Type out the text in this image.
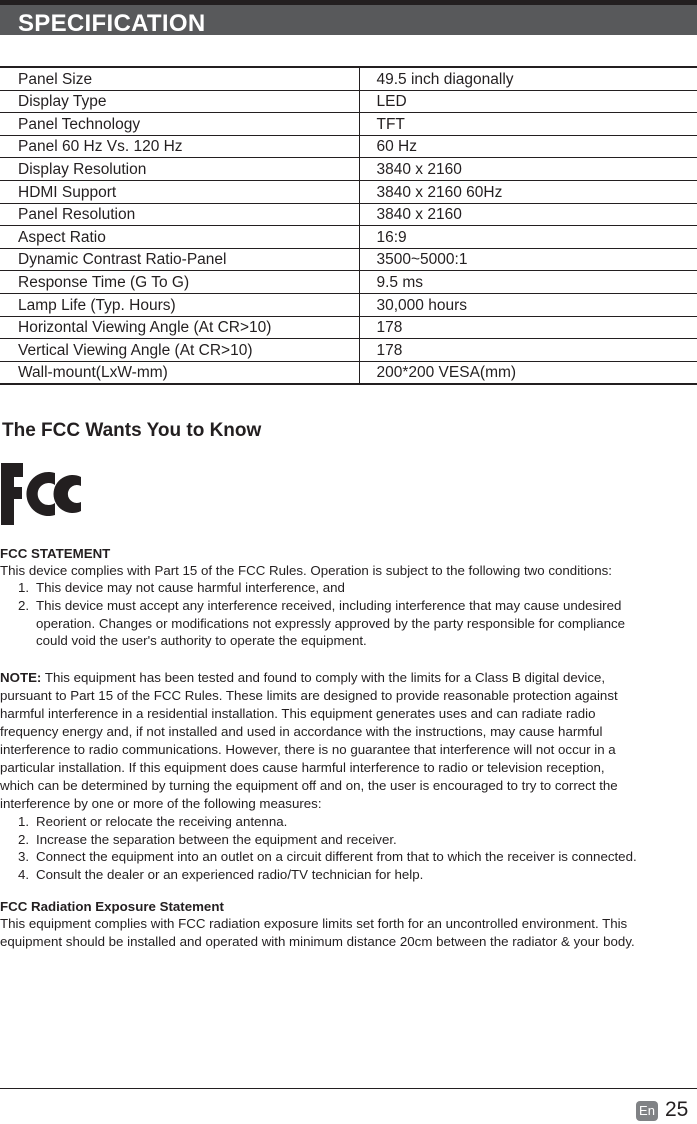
SPECIFICATION
Panel Size	49.5 inch diagonally
Display Type	LED
Panel Technology	TFT
Panel 60 Hz Vs. 120 Hz	60 Hz
Display Resolution	3840 x 2160
HDMI Support	3840 x 2160 60Hz
Panel Resolution	3840 x 2160
Aspect Ratio	16:9
Dynamic Contrast Ratio-Panel	3500~5000:1
Response Time (G To G)	9.5 ms
Lamp Life (Typ. Hours)	30,000 hours
Horizontal Viewing Angle (At CR>10)	178
Vertical Viewing Angle (At CR>10)	178
Wall-mount(LxW-mm)	200*200 VESA(mm)
The FCC Wants You to Know
FCC STATEMENT
This device complies with Part 15 of the FCC Rules. Operation is subject to the following two conditions:
1. This device may not cause harmful interference, and
2. This device must accept any interference received, including interference that may cause undesired
operation. Changes or modifications not expressly approved by the party responsible for compliance
could void the user's authority to operate the equipment.
NOTE: This equipment has been tested and found to comply with the limits for a Class B digital device,
pursuant to Part 15 of the FCC Rules. These limits are designed to provide reasonable protection against
harmful interference in a residential installation. This equipment generates uses and can radiate radio
frequency energy and, if not installed and used in accordance with the instructions, may cause harmful
interference to radio communications. However, there is no guarantee that interference will not occur in a
particular installation. If this equipment does cause harmful interference to radio or television reception,
which can be determined by turning the equipment off and on, the user is encouraged to try to correct the
interference by one or more of the following measures:
1. Reorient or relocate the receiving antenna.
2. Increase the separation between the equipment and receiver.
3. Connect the equipment into an outlet on a circuit different from that to which the receiver is connected.
4. Consult the dealer or an experienced radio/TV technician for help.
FCC Radiation Exposure Statement
This equipment complies with FCC radiation exposure limits set forth for an uncontrolled environment. This
equipment should be installed and operated with minimum distance 20cm between the radiator & your body.
En 25
